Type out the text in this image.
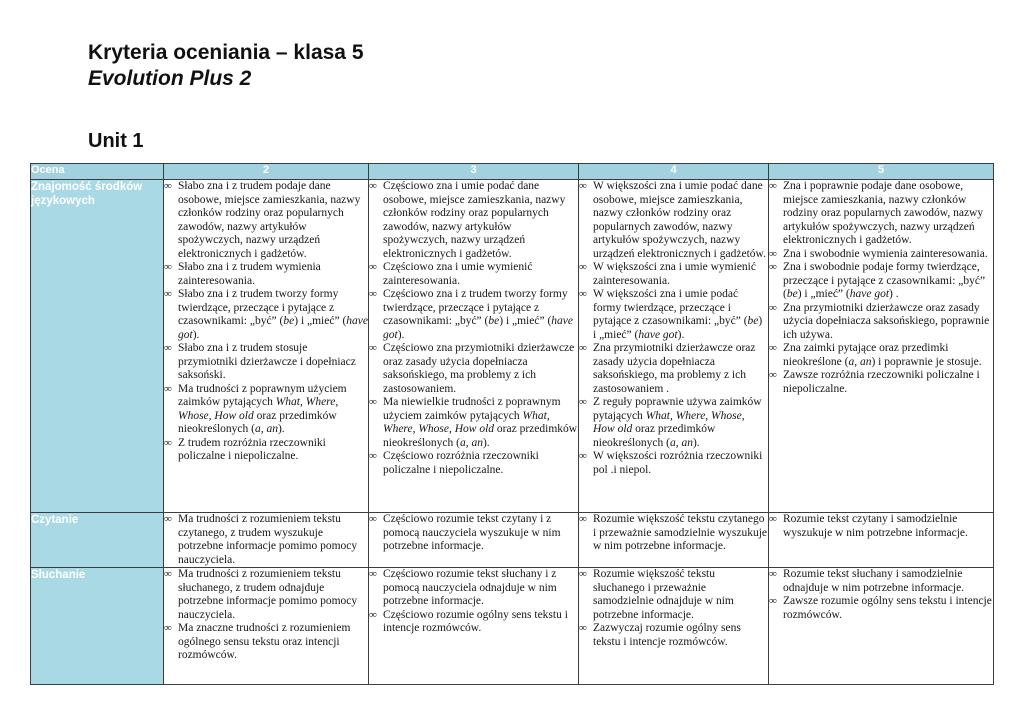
Kryteria oceniania – klasa 5
Evolution Plus 2
Unit 1
Ocena	2	3	4	5
Znajomość środków językowych	
∞ Słabo zna i z trudem podaje dane osobowe, miejsce zamieszkania, nazwy członków rodziny oraz popularnych zawodów, nazwy artykułów spożywczych, nazwy urządzeń elektronicznych i gadżetów.
∞ Słabo zna i z trudem wymienia zainteresowania.
∞ Słabo zna i z trudem tworzy formy twierdzące, przeczące i pytające z czasownikami: „być” (be) i „mieć” (have got).
∞ Słabo zna i z trudem stosuje przymiotniki dzierżawcze i dopełniacz saksoński.
∞ Ma trudności z poprawnym użyciem zaimków pytających What, Where, Whose, How old oraz przedimków nieokreślonych (a, an).
∞ Z trudem rozróżnia rzeczowniki policzalne i niepoliczalne.

∞ Częściowo zna i umie podać dane osobowe, miejsce zamieszkania, nazwy członków rodziny oraz popularnych zawodów, nazwy artykułów spożywczych, nazwy urządzeń elektronicznych i gadżetów.
∞ Częściowo zna i umie wymienić zainteresowania.
∞ Częściowo zna i z trudem tworzy formy twierdzące, przeczące i pytające z czasownikami: „być” (be) i „mieć” (have got).
∞ Częściowo zna przymiotniki dzierżawcze oraz zasady użycia dopełniacza saksońskiego, ma problemy z ich zastosowaniem.
∞ Ma niewielkie trudności z poprawnym użyciem zaimków pytających What, Where, Whose, How old oraz przedimków nieokreślonych (a, an).
∞ Częściowo rozróżnia rzeczowniki policzalne i niepoliczalne.

∞ W większości zna i umie podać dane osobowe, miejsce zamieszkania, nazwy członków rodziny oraz popularnych zawodów, nazwy artykułów spożywczych, nazwy urządzeń elektronicznych i gadżetów.
∞ W większości zna i umie wymienić zainteresowania.
∞ W większości zna i umie podać formy twierdzące, przeczące i pytające z czasownikami: „być” (be) i „mieć” (have got).
∞ Zna przymiotniki dzierżawcze oraz zasady użycia dopełniacza saksońskiego, ma problemy z ich zastosowaniem .
∞ Z reguły poprawnie używa zaimków pytających What, Where, Whose, How old oraz przedimków nieokreślonych (a, an).
∞ W większości rozróżnia rzeczowniki pol .i niepol.

∞ Zna i poprawnie podaje dane osobowe, miejsce zamieszkania, nazwy członków rodziny oraz popularnych zawodów, nazwy artykułów spożywczych, nazwy urządzeń elektronicznych i gadżetów.
∞ Zna i swobodnie wymienia zainteresowania.
∞ Zna i swobodnie podaje formy twierdzące, przeczące i pytające z czasownikami: „być” (be) i „mieć” (have got) .
∞ Zna przymiotniki dzierżawcze oraz zasady użycia dopełniacza saksońskiego, poprawnie ich używa.
∞ Zna zaimki pytające oraz przedimki nieokreślone (a, an) i poprawnie je stosuje.
∞ Zawsze rozróżnia rzeczowniki policzalne i niepoliczalne.

Czytanie	∞ Ma trudności z rozumieniem tekstu czytanego, z trudem wyszukuje potrzebne informacje pomimo pomocy nauczyciela.	∞ Częściowo rozumie tekst czytany i z pomocą nauczyciela wyszukuje w nim potrzebne informacje.	∞ Rozumie większość tekstu czytanego i przeważnie samodzielnie wyszukuje w nim potrzebne informacje.	∞ Rozumie tekst czytany i samodzielnie wyszukuje w nim potrzebne informacje.

Słuchanie	∞ Ma trudności z rozumieniem tekstu słuchanego, z trudem odnajduje potrzebne informacje pomimo pomocy nauczyciela.
∞ Ma znaczne trudności z rozumieniem ogólnego sensu tekstu oraz intencji rozmówców.

∞ Częściowo rozumie tekst słuchany i z pomocą nauczyciela odnajduje w nim potrzebne informacje.
∞ Częściowo rozumie ogólny sens tekstu i intencje rozmówców.

∞ Rozumie większość tekstu słuchanego i przeważnie samodzielnie odnajduje w nim potrzebne informacje.
∞ Zazwyczaj rozumie ogólny sens tekstu i intencje rozmówców.

∞ Rozumie tekst słuchany i samodzielnie odnajduje w nim potrzebne informacje.
∞ Zawsze rozumie ogólny sens tekstu i intencje rozmówców.
